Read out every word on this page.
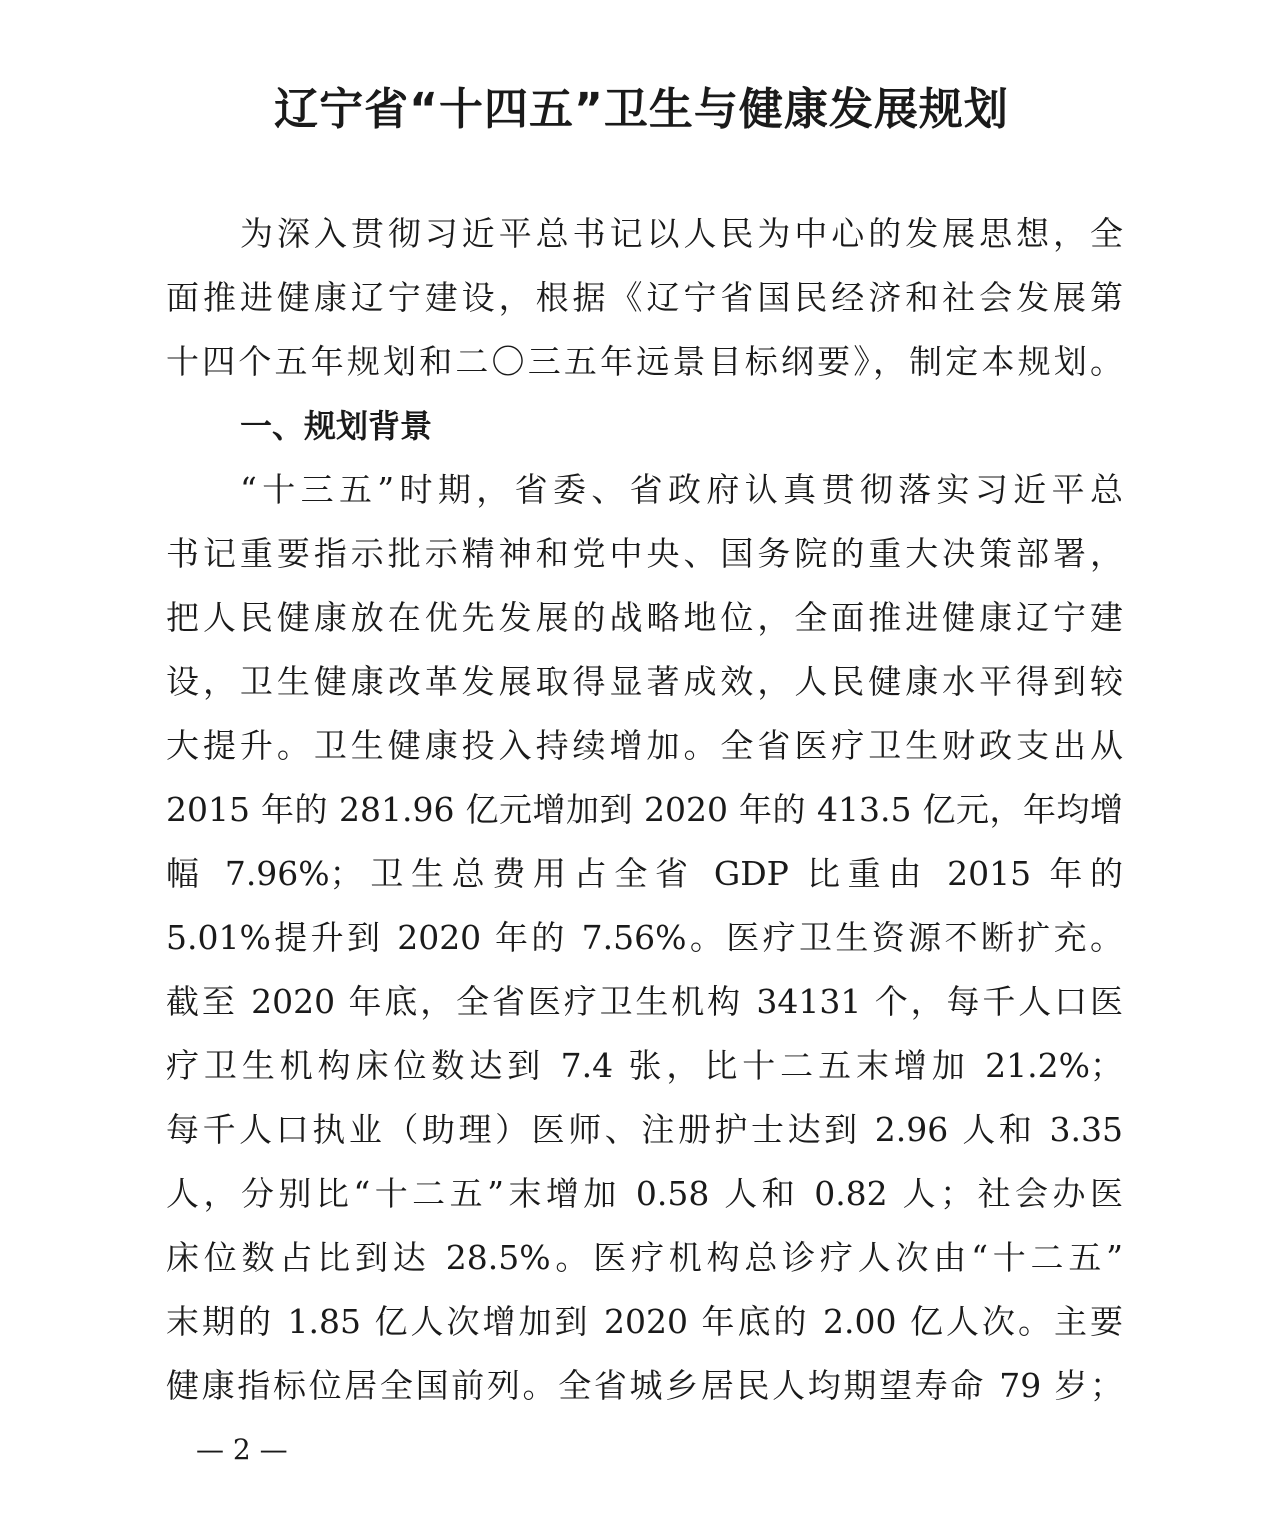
辽宁省“十四五”卫生与健康发展规划
为深入贯彻习近平总书记以人民为中心的发展思想，全
面推进健康辽宁建设，根据《辽宁省国民经济和社会发展第
十四个五年规划和二〇三五年远景目标纲要》，制定本规划。
一、规划背景
“十三五”时期，省委、省政府认真贯彻落实习近平总
书记重要指示批示精神和党中央、国务院的重大决策部署，
把人民健康放在优先发展的战略地位，全面推进健康辽宁建
设，卫生健康改革发展取得显著成效，人民健康水平得到较
大提升。卫生健康投入持续增加。全省医疗卫生财政支出从
2015 年的 281.96 亿元增加到 2020 年的 413.5 亿元，年均增
幅 7.96%；卫生总费用占全省 GDP 比重由 2015 年的
5.01%提升到 2020 年的 7.56%。医疗卫生资源不断扩充。
截至 2020 年底，全省医疗卫生机构 34131 个，每千人口医
疗卫生机构床位数达到 7.4 张，比十二五末增加 21.2%；
每千人口执业（助理）医师、注册护士达到 2.96 人和 3.35
人，分别比“十二五”末增加 0.58 人和 0.82 人；社会办医
床位数占比到达 28.5%。医疗机构总诊疗人次由“十二五”
末期的 1.85 亿人次增加到 2020 年底的 2.00 亿人次。主要
健康指标位居全国前列。全省城乡居民人均期望寿命 79 岁；
— 2 —
